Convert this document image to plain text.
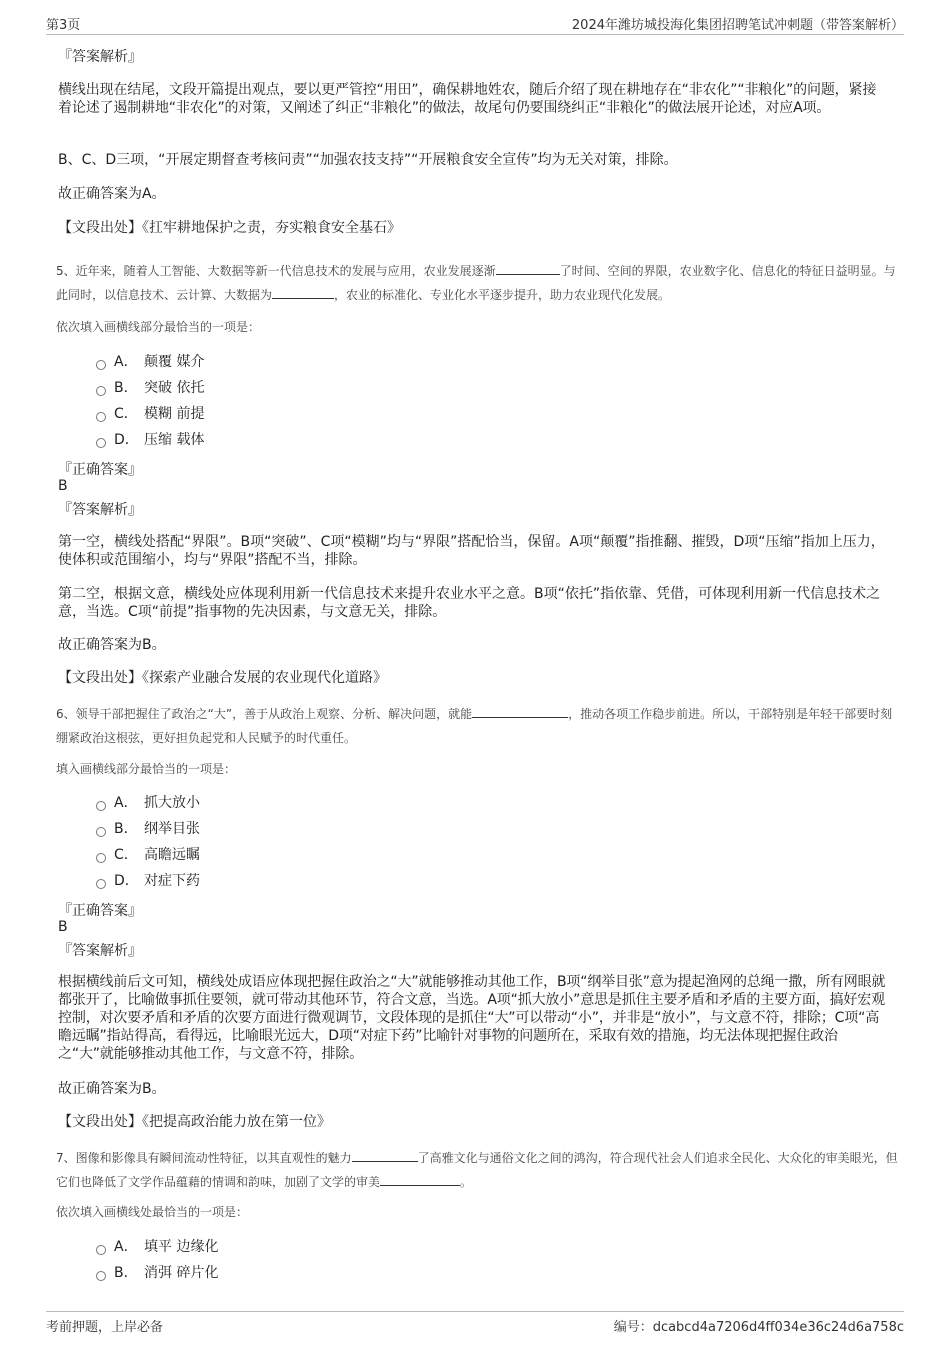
第3页	2024年潍坊城投海化集团招聘笔试冲刺题（带答案解析）
『答案解析』
横线出现在结尾，文段开篇提出观点，要以更严管控“用田”，确保耕地姓农，随后介绍了现在耕地存在“非农化”“非粮化”的问题，紧接着论述了遏制耕地“非农化”的对策，又阐述了纠正“非粮化”的做法，故尾句仍要围绕纠正“非粮化”的做法展开论述，对应A项。
B、C、D三项，“开展定期督查考核问责”“加强农技支持”“开展粮食安全宣传”均为无关对策，排除。
故正确答案为A。
【文段出处】《扛牢耕地保护之责，夯实粮食安全基石》
5、近年来，随着人工智能、大数据等新一代信息技术的发展与应用，农业发展逐渐	了时间、空间的界限，农业数字化、信息化的特征日益明显。与此同时，以信息技术、云计算、大数据为	，农业的标准化、专业化水平逐步提升，助力农业现代化发展。
依次填入画横线部分最恰当的一项是：
A． 颠覆 媒介
B． 突破 依托
C． 模糊 前提
D． 压缩 载体
『正确答案』
B
『答案解析』
第一空，横线处搭配“界限”。B项“突破”、C项“模糊”均与“界限”搭配恰当，保留。A项“颠覆”指推翻、摧毁，D项“压缩”指加上压力，使体积或范围缩小，均与“界限”搭配不当，排除。
第二空，根据文意，横线处应体现利用新一代信息技术来提升农业水平之意。B项“依托”指依靠、凭借，可体现利用新一代信息技术之意，当选。C项“前提”指事物的先决因素，与文意无关，排除。
故正确答案为B。
【文段出处】《探索产业融合发展的农业现代化道路》
6、领导干部把握住了政治之“大”，善于从政治上观察、分析、解决问题，就能	，推动各项工作稳步前进。所以，干部特别是年轻干部要时刻绷紧政治这根弦，更好担负起党和人民赋予的时代重任。
填入画横线部分最恰当的一项是：
A． 抓大放小
B． 纲举目张
C． 高瞻远瞩
D． 对症下药
『正确答案』
B
『答案解析』
根据横线前后文可知，横线处成语应体现把握住政治之“大”就能够推动其他工作，B项“纲举目张”意为提起渔网的总绳一撒，所有网眼就都张开了，比喻做事抓住要领，就可带动其他环节，符合文意，当选。A项“抓大放小”意思是抓住主要矛盾和矛盾的主要方面，搞好宏观控制，对次要矛盾和矛盾的次要方面进行微观调节，文段体现的是抓住“大”可以带动“小”，并非是“放小”，与文意不符，排除；C项“高瞻远瞩”指站得高，看得远，比喻眼光远大，D项“对症下药”比喻针对事物的问题所在，采取有效的措施，均无法体现把握住政治之“大”就能够推动其他工作，与文意不符，排除。
故正确答案为B。
【文段出处】《把提高政治能力放在第一位》
7、图像和影像具有瞬间流动性特征，以其直观性的魅力	了高雅文化与通俗文化之间的鸿沟，符合现代社会人们追求全民化、大众化的审美眼光，但它们也降低了文学作品蕴藉的情调和韵味，加剧了文学的审美	。
依次填入画横线处最恰当的一项是：
A． 填平 边缘化
B． 消弭 碎片化
考前押题，上岸必备	编号：dcabcd4a7206d4ff034e36c24d6a758c
